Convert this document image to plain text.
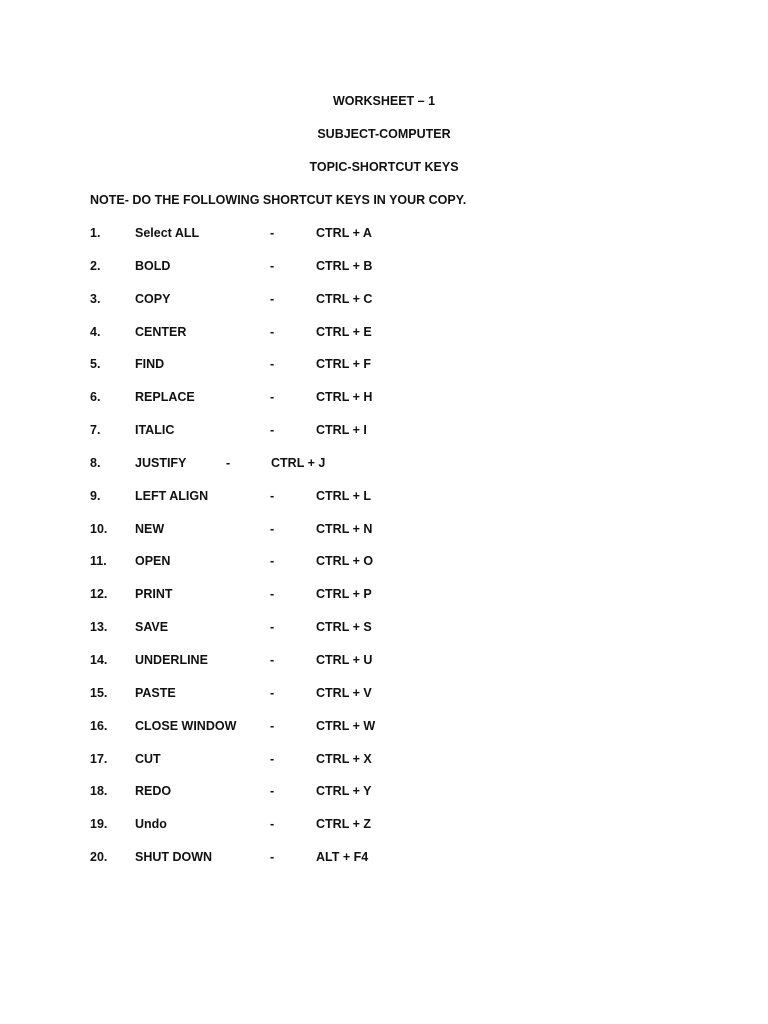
WORKSHEET – 1
SUBJECT-COMPUTER
TOPIC-SHORTCUT KEYS
NOTE- DO THE FOLLOWING SHORTCUT KEYS IN YOUR COPY.
1.	Select ALL	-	CTRL + A
2.	BOLD	-	CTRL + B
3.	COPY	-	CTRL + C
4.	CENTER	-	CTRL + E
5.	FIND	-	CTRL + F
6.	REPLACE	-	CTRL + H
7.	ITALIC	-	CTRL + I
8.	JUSTIFY	-	CTRL + J
9.	LEFT ALIGN	-	CTRL + L
10. NEW	-	CTRL + N
11. OPEN	-	CTRL + O
12. PRINT	-	CTRL + P
13. SAVE	-	CTRL + S
14. UNDERLINE	-	CTRL + U
15. PASTE	-	CTRL + V
16. CLOSE WINDOW	-	CTRL + W
17. CUT	-	CTRL + X
18. REDO	-	CTRL + Y
19. Undo	-	CTRL + Z
20. SHUT DOWN	-	ALT + F4
